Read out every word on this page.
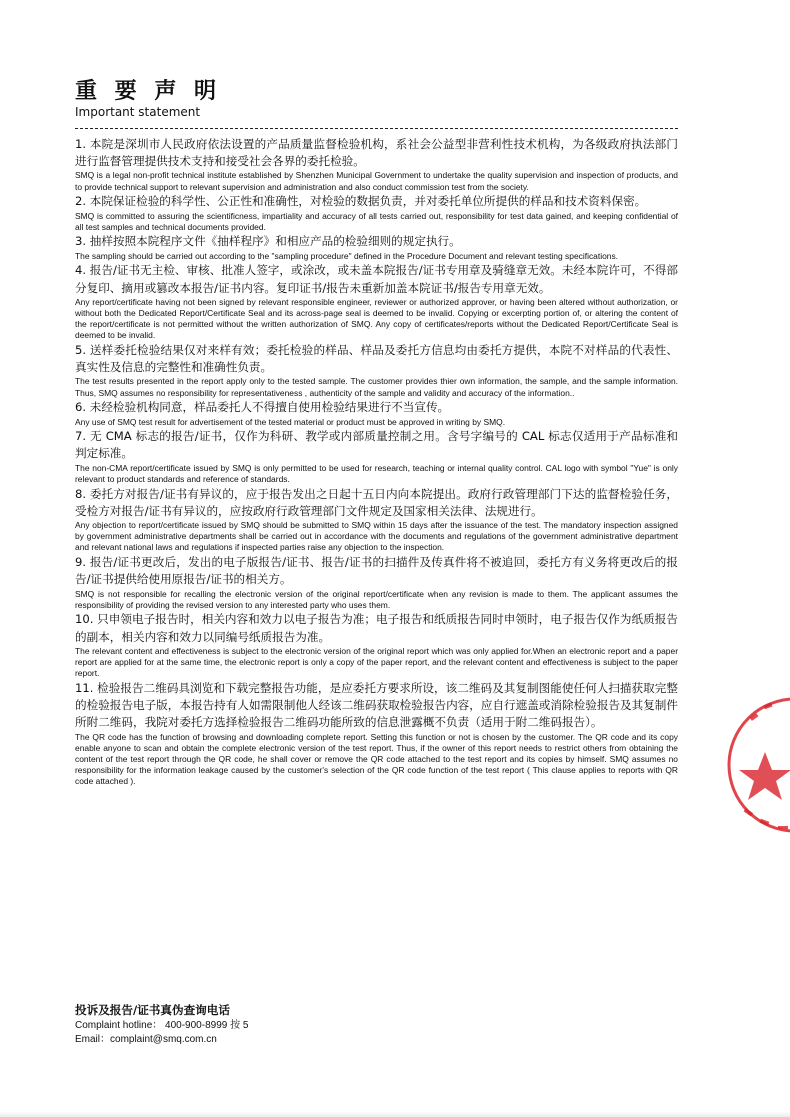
重 要 声 明
Important statement

1. 本院是深圳市人民政府依法设置的产品质量监督检验机构，系社会公益型非营利性技术机构，为各级政府执法部门进行监督管理提供技术支持和接受社会各界的委托检验。

SMQ is a legal non-profit technical institute established by Shenzhen Municipal Government to undertake the quality supervision and inspection of products, and to provide technical support to relevant supervision and administration and also conduct commission test from the society.

2. 本院保证检验的科学性、公正性和准确性，对检验的数据负责，并对委托单位所提供的样品和技术资料保密。

SMQ is committed to assuring the scientificness, impartiality and accuracy of all tests carried out, responsibility for test data gained, and keeping confidential of all test samples and technical documents provided.

3. 抽样按照本院程序文件《抽样程序》和相应产品的检验细则的规定执行。

The sampling should be carried out according to the "sampling procedure" defined in the Procedure Document and relevant testing specifications.

4. 报告/证书无主检、审核、批准人签字，或涂改，或未盖本院报告/证书专用章及骑缝章无效。未经本院许可，不得部分复印、摘用或篡改本报告/证书内容。复印证书/报告未重新加盖本院证书/报告专用章无效。

Any report/certificate having not been signed by relevant responsible engineer, reviewer or authorized approver, or having been altered without authorization, or without both the Dedicated Report/Certificate Seal and its across-page seal is deemed to be invalid. Copying or excerpting portion of, or altering the content of the report/certificate is not permitted without the written authorization of SMQ. Any copy of certificates/reports without the Dedicated Report/Certificate Seal is deemed to be invalid.

5. 送样委托检验结果仅对来样有效；委托检验的样品、样品及委托方信息均由委托方提供，本院不对样品的代表性、真实性及信息的完整性和准确性负责。

The test results presented in the report apply only to the tested sample. The customer provides thier own information, the sample, and the sample information. Thus, SMQ assumes no responsibility for representativeness , authenticity of the sample and validity and accuracy of the information..

6. 未经检验机构同意，样品委托人不得擅自使用检验结果进行不当宣传。

Any use of SMQ test result for advertisement of the tested material or product must be approved in writing by SMQ.

7. 无 CMA 标志的报告/证书，仅作为科研、教学或内部质量控制之用。含号字编号的 CAL 标志仅适用于产品标准和判定标准。

The non-CMA report/certificate issued by SMQ is only permitted to be used for research, teaching or internal quality control. CAL logo with symbol "Yue" is only relevant to product standards and reference of standards.

8. 委托方对报告/证书有异议的，应于报告发出之日起十五日内向本院提出。政府行政管理部门下达的监督检验任务，受检方对报告/证书有异议的，应按政府行政管理部门文件规定及国家相关法律、法规进行。

Any objection to report/certificate issued by SMQ should be submitted to SMQ within 15 days after the issuance of the test. The mandatory inspection assigned by government administrative departments shall be carried out in accordance with the documents and regulations of the government administrative department and relevant national laws and regulations if inspected parties raise any objection to the inspection.

9. 报告/证书更改后，发出的电子版报告/证书、报告/证书的扫描件及传真件将不被追回，委托方有义务将更改后的报告/证书提供给使用原报告/证书的相关方。

SMQ is not responsible for recalling the electronic version of the original report/certificate when any revision is made to them. The applicant assumes the responsibility of providing the revised version to any interested party who uses them.

10. 只申领电子报告时，相关内容和效力以电子报告为准；电子报告和纸质报告同时申领时，电子报告仅作为纸质报告的副本，相关内容和效力以同编号纸质报告为准。

The relevant content and effectiveness is subject to the electronic version of the original report which was only applied for.When an electronic report and a paper report are applied for at the same time, the electronic report is only a copy of the paper report, and the relevant content and effectiveness is subject to the paper report.

11. 检验报告二维码具浏览和下载完整报告功能，是应委托方要求所设，该二维码及其复制图能使任何人扫描获取完整的检验报告电子版，本报告持有人如需限制他人经该二维码获取检验报告内容，应自行遮盖或消除检验报告及其复制件所附二维码，我院对委托方选择检验报告二维码功能所致的信息泄露概不负责（适用于附二维码报告）。

The QR code has the function of browsing and downloading complete report. Setting this function or not is chosen by the customer. The QR code and its copy enable anyone to scan and obtain the complete electronic version of the test report. Thus, if the owner of this report needs to restrict others from obtaining the content of the test report through the QR code, he shall cover or remove the QR code attached to the test report and its copies by himself. SMQ assumes no responsibility for the information leakage caused by the customer's selection of the QR code function of the test report ( This clause applies to reports with QR code attached ).

投诉及报告/证书真伪查询电话

Complaint hotline： 400-900-8999 按 5

Email：complaint@smq.com.cn
